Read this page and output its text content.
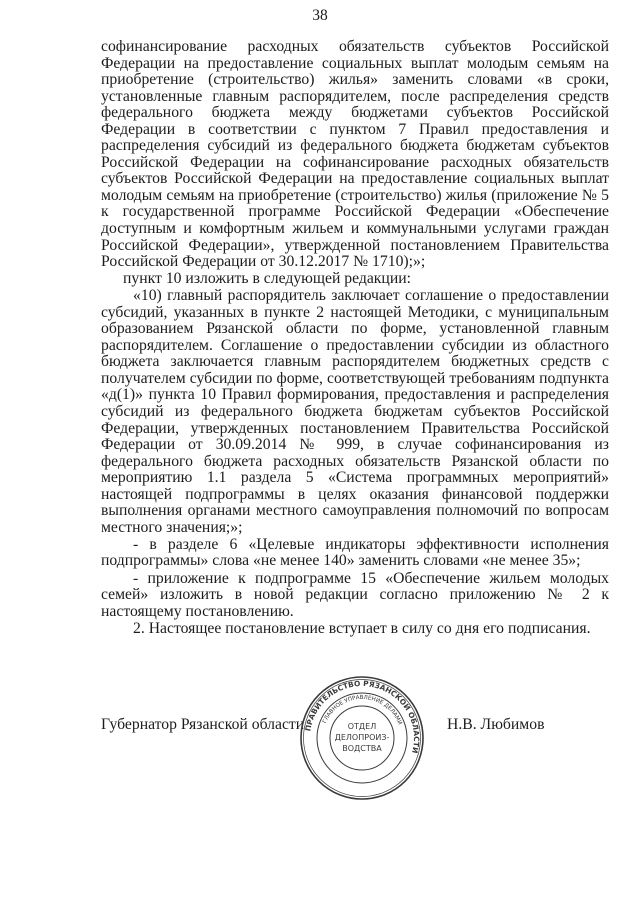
38

софинансирование расходных обязательств субъектов Российской Федерации на предоставление социальных выплат молодым семьям на приобретение (строительство) жилья» заменить словами «в сроки, установленные главным распорядителем, после распределения средств федерального бюджета между бюджетами субъектов Российской Федерации в соответствии с пунктом 7 Правил предоставления и распределения субсидий из федерального бюджета бюджетам субъектов Российской Федерации на софинансирование расходных обязательств субъектов Российской Федерации на предоставление социальных выплат молодым семьям на приобретение (строительство) жилья (приложение № 5 к государственной программе Российской Федерации «Обеспечение доступным и комфортным жильем и коммунальными услугами граждан Российской Федерации», утвержденной постановлением Правительства Российской Федерации от 30.12.2017 № 1710);»;

пункт 10 изложить в следующей редакции:

«10) главный распорядитель заключает соглашение о предоставлении субсидий, указанных в пункте 2 настоящей Методики, с муниципальным образованием Рязанской области по форме, установленной главным распорядителем. Соглашение о предоставлении субсидии из областного бюджета заключается главным распорядителем бюджетных средств с получателем субсидии по форме, соответствующей требованиям подпункта «д(1)» пункта 10 Правил формирования, предоставления и распределения субсидий из федерального бюджета бюджетам субъектов Российской Федерации, утвержденных постановлением Правительства Российской Федерации от 30.09.2014 № 999, в случае софинансирования из федерального бюджета расходных обязательств Рязанской области по мероприятию 1.1 раздела 5 «Система программных мероприятий» настоящей подпрограммы в целях оказания финансовой поддержки выполнения органами местного самоуправления полномочий по вопросам местного значения;»;

- в разделе 6 «Целевые индикаторы эффективности исполнения подпрограммы» слова «не менее 140» заменить словами «не менее 35»;

- приложение к подпрограмме 15 «Обеспечение жильем молодых семей» изложить в новой редакции согласно приложению № 2 к настоящему постановлению.

2. Настоящее постановление вступает в силу со дня его подписания.

Губернатор Рязанской области	Н.В. Любимов
ПРАВИТЕЛЬСТВО РЯЗАНСКОЙ ОБЛАСТИ
ГЛАВНОЕ УПРАВЛЕНИЕ ДЕЛАМИ
ОТДЕЛ
ДЕЛОПРОИЗ-
ВОДСТВА
